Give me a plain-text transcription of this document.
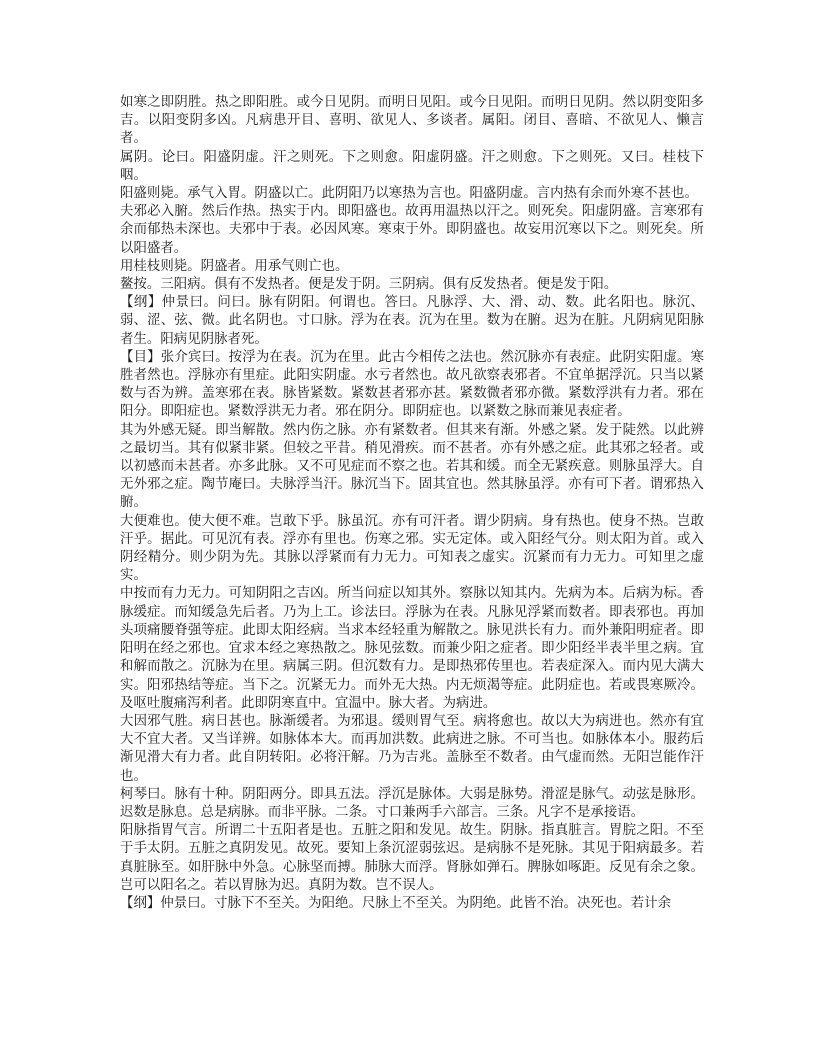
如寒之即阴胜。热之即阳胜。或今日见阴。而明日见阳。或今日见阳。而明日见阴。然以阴变阳多吉。以阳变阴多凶。凡病患开目、喜明、欲见人、多谈者。属阳。闭目、喜暗、不欲见人、懒言者。

属阴。论曰。阳盛阴虚。汗之则死。下之则愈。阳虚阴盛。汗之则愈。下之则死。又曰。桂枝下咽。

阳盛则毙。承气入胃。阴盛以亡。此阴阳乃以寒热为言也。阳盛阴虚。言内热有余而外寒不甚也。

夫邪必入腑。然后作热。热实于内。即阳盛也。故再用温热以汗之。则死矣。阳虚阴盛。言寒邪有余而郁热未深也。夫邪中于表。必因风寒。寒束于外。即阴盛也。故妄用沉寒以下之。则死矣。所以阳盛者。

用桂枝则毙。阴盛者。用承气则亡也。

鳌按。三阳病。俱有不发热者。便是发于阴。三阴病。俱有反发热者。便是发于阳。

【纲】仲景曰。问曰。脉有阴阳。何谓也。答曰。凡脉浮、大、滑、动、数。此名阳也。脉沉、弱、涩、弦、微。此名阴也。寸口脉。浮为在表。沉为在里。数为在腑。迟为在脏。凡阴病见阳脉者生。阳病见阴脉者死。

【目】张介宾曰。按浮为在表。沉为在里。此古今相传之法也。然沉脉亦有表症。此阴实阳虚。寒胜者然也。浮脉亦有里症。此阳实阴虚。水亏者然也。故凡欲察表邪者。不宜单据浮沉。只当以紧数与否为辨。盖寒邪在表。脉皆紧数。紧数甚者邪亦甚。紧数微者邪亦微。紧数浮洪有力者。邪在阳分。即阳症也。紧数浮洪无力者。邪在阴分。即阴症也。以紧数之脉而兼见表症者。

其为外感无疑。即当解散。然内伤之脉。亦有紧数者。但其来有渐。外感之紧。发于陡然。以此辨之最切当。其有似紧非紧。但较之平昔。稍见滑疾。而不甚者。亦有外感之症。此其邪之轻者。或以初感而未甚者。亦多此脉。又不可见症而不察之也。若其和缓。而全无紧疾意。则脉虽浮大。自无外邪之症。陶节庵曰。夫脉浮当汗。脉沉当下。固其宜也。然其脉虽浮。亦有可下者。谓邪热入腑。

大便难也。使大便不难。岂敢下乎。脉虽沉。亦有可汗者。谓少阴病。身有热也。使身不热。岂敢汗乎。据此。可见沉有表。浮亦有里也。伤寒之邪。实无定体。或入阳经气分。则太阳为首。或入阴经精分。则少阴为先。其脉以浮紧而有力无力。可知表之虚实。沉紧而有力无力。可知里之虚实。

中按而有力无力。可知阴阳之吉凶。所当问症以知其外。察脉以知其内。先病为本。后病为标。香脉缓症。而知缓急先后者。乃为上工。诊法曰。浮脉为在表。凡脉见浮紧而数者。即表邪也。再加头项痛腰脊强等症。此即太阳经病。当求本经轻重为解散之。脉见洪长有力。而外兼阳明症者。即阳明在经之邪也。宜求本经之寒热散之。脉见弦数。而兼少阳之症者。即少阳经半表半里之病。宜和解而散之。沉脉为在里。病属三阴。但沉数有力。是即热邪传里也。若表症深入。而内见大满大实。阳邪热结等症。当下之。沉紧无力。而外无大热。内无烦渴等症。此阴症也。若或畏寒厥冷。及呕吐腹痛泻利者。此即阴寒直中。宜温中。脉大者。为病进。

大因邪气胜。病日甚也。脉渐缓者。为邪退。缓则胃气至。病将愈也。故以大为病进也。然亦有宜大不宜大者。又当详辨。如脉体本大。而再加洪数。此病进之脉。不可当也。如脉体本小。服药后渐见滑大有力者。此自阴转阳。必将汗解。乃为吉兆。盖脉至不数者。由气虚而然。无阳岂能作汗也。

柯琴曰。脉有十种。阴阳两分。即具五法。浮沉是脉体。大弱是脉势。滑涩是脉气。动弦是脉形。迟数是脉息。总是病脉。而非平脉。二条。寸口兼两手六部言。三条。凡字不是承接语。

阳脉指胃气言。所谓二十五阳者是也。五脏之阳和发见。故生。阴脉。指真脏言。胃脘之阳。不至于手太阴。五脏之真阴发见。故死。要知上条沉涩弱弦迟。是病脉不是死脉。其见于阳病最多。若真脏脉至。如肝脉中外急。心脉坚而搏。肺脉大而浮。肾脉如弹石。脾脉如啄距。反见有余之象。岂可以阳名之。若以胃脉为迟。真阴为数。岂不误人。

【纲】仲景曰。寸脉下不至关。为阳绝。尺脉上不至关。为阴绝。此皆不治。决死也。若计余
